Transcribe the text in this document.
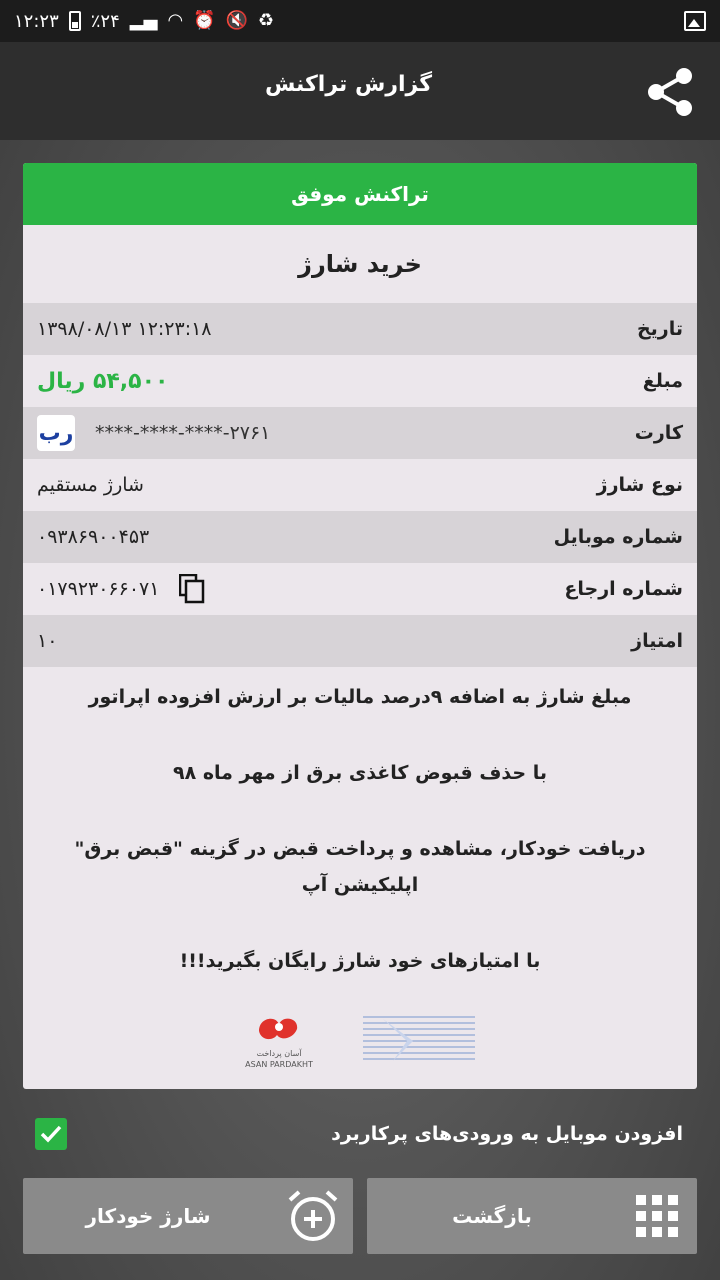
۱۲:۲۳ ٪۲۴ ▂▄ ◠ ⏰ 🔇 ♻
گزارش تراکنش
تراکنش موفق
خرید شارژ
تاریخ
۱۳۹۸/۰۸/۱۳ ۱۲:۲۳:۱۸
مبلغ
۵۴,۵۰۰ ریال
کارت
رب ****-****-****-۲۷۶۱
نوع شارژ
شارژ مستقیم
شماره موبایل
۰۹۳۸۶۹۰۰۴۵۳
شماره ارجاع
۰۱۷۹۲۳۰۶۶۰۷۱
امتیاز
۱۰

مبلغ شارژ به اضافه ۹درصد مالیات بر ارزش افزوده اپراتور

با حذف قبوض کاغذی برق از مهر ماه ۹۸

دریافت خودکار، مشاهده و پرداخت قبض در گزینه "قبض برق" اپلیکیشن آپ

با امتیازهای خود شارژ رایگان بگیرید!!!

آسان پرداخت
ASAN PARDAKHT
افزودن موبایل به ورودی‌های پرکاربرد
شارژ خودکار	بازگشت
